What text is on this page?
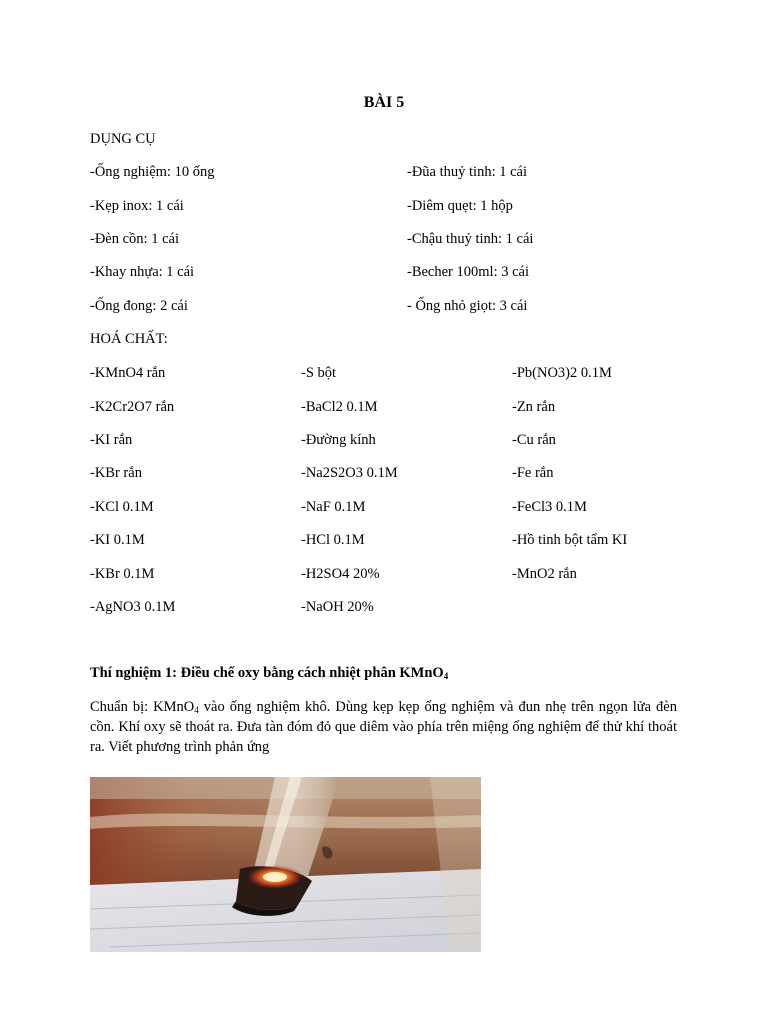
BÀI 5
DỤNG CỤ
-Ống nghiệm: 10 ống	-Đũa thuỷ tinh: 1 cái
-Kẹp inox: 1 cái	-Diêm quẹt: 1 hộp
-Đèn cồn: 1 cái	-Chậu thuỷ tinh: 1 cái
-Khay nhựa: 1 cái	-Becher 100ml: 3 cái
-Ống đong: 2 cái	- Ống nhỏ giọt: 3 cái
HOÁ CHẤT:
-KMnO4 rắn	-S bột	-Pb(NO3)2 0.1M
-K2Cr2O7 rắn	-BaCl2 0.1M	-Zn rắn
-KI rắn	-Đường kính	-Cu rắn
-KBr rắn	-Na2S2O3 0.1M	-Fe rắn
-KCl 0.1M	-NaF 0.1M	-FeCl3 0.1M
-KI 0.1M	-HCl 0.1M	-Hồ tinh bột tẩm KI
-KBr 0.1M	-H2SO4 20%	-MnO2 rắn
-AgNO3 0.1M	-NaOH 20%
Thí nghiệm 1: Điều chế oxy bằng cách nhiệt phân KMnO$_4$
Chuẩn bị: KMnO$_4$ vào ống nghiệm khô. Dùng kẹp kẹp ống nghiệm và đun nhẹ trên ngọn lửa đèn cồn. Khí oxy sẽ thoát ra. Đưa tàn đóm đỏ que diêm vào phía trên miệng ống nghiệm để thử khí thoát ra. Viết phương trình phản ứng
